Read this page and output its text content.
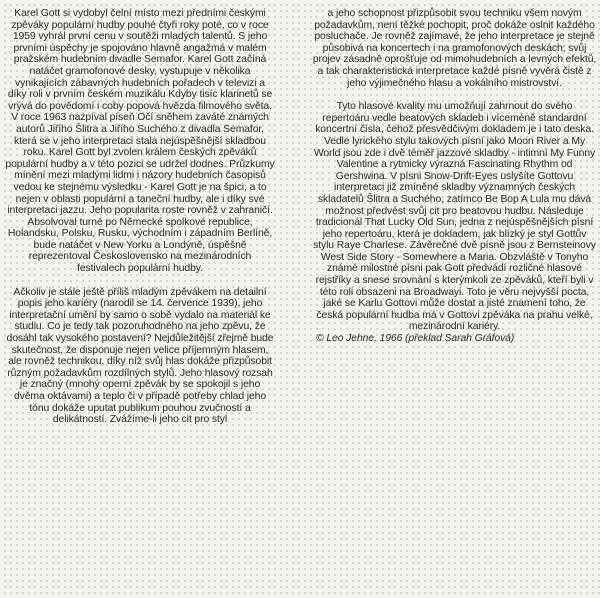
Karel Gott si vydobyl čelní místo mezi předními českými zpěváky populární hudby pouhé čtyři roky poté, co v roce 1959 vyhrál první cenu v soutěži mladých talentů. S jeho prvními úspěchy je spojováno hlavně angažmá v malém pražském hudebním divadle Semafor. Karel Gott začíná natáčet gramofonové desky, vystupuje v několika vynikajících zábavných hudebních pořadech v televizi a díky roli v prvním českém muzikálu Kdyby tisíc klarinetů se vrývá do povědomí i coby popová hvězda filmového světa. V roce 1963 nazpíval píseň Očí sněhem zaváté známých autorů Jiřího Šlitra a Jiřího Suchého z divadla Semafor, která se v jeho interpretaci stala nejúspěšnější skladbou roku. Karel Gott byl zvolen králem českých zpěváků populární hudby a v této pozici se udržel dodnes. Průzkumy mínění mezi mladými lidmi i názory hudebních časopisů vedou ke stejnému výsledku - Karel Gott je na špici, a to nejen v oblasti populární a taneční hudby, ale i díky své interpretaci jazzu. Jeho popularita roste rovněž v zahraničí. Absolvoval turné po Německé spolkové republice, Holandsku, Polsku, Rusku, východním i západním Berlíně, bude natáčet v New Yorku a Londýně, úspěšně reprezentoval Československo na mezinárodních festivalech populární hudby.

Ačkoliv je stále ještě příliš mladým zpěvákem na detailní popis jeho kariéry (narodil se 14. července 1939), jeho interpretační umění by samo o sobě vydalo na materiál ke studiu. Co je tedy tak pozoruhodného na jeho zpěvu, že dosáhl tak vysokého postavení? Nejdůležitější zřejmě bude skutečnost, že disponuje nejen velice příjemným hlasem, ale rovněž technikou, díky níž svůj hlas dokáže přizpůsobit různým požadavkům rozdílných stylů. Jeho hlasový rozsah je značný (mnohý operní zpěvák by se spokojil s jeho dvěma oktávami) a teplo či v případě potřeby chlad jeho tónu dokáže uputat publikum pouhou zvučností a delikátností. Zvážíme-li jeho cit pro styl

a jeho schopnost přizpůsobit svou techniku všem novým požadavkům, není těžké pochopit, proč dokáže oslnit každého posluchače. Je rovněž zajímavé, že jeho interpretace je stejně působivá na koncertech i na gramofonových deskách; svůj projev zásadně oprošťuje od mimohudebních a levných efektů, a tak charakteristická interpretace každé písně vyvěrá čistě z jeho výjimečného hlasu a vokálního mistrovství.

Tyto hlasové kvality mu umožňují zahrnout do svého repertoáru vedle beatových skladeb i víceméně standardní koncertní čísla, čehož přesvědčivým dokladem je i tato deska. Vedle lyrického stylu takových písní jako Moon River a My World jsou zde i dvě téměř jazzové skladby - intimní My Funny Valentine a rytmicky výrazná Fascinating Rhythm od Gershwina. V písni Snow-Drift-Eyes uslyšíte Gottovu interpretaci již zmíněné skladby významných českých skladatelů Šlitra a Suchého, zatímco Be Bop A Lula mu dává možnost předvést svůj cit pro beatovou hudbu. Následuje tradicionál That Lucky Old Sun, jedna z nejúspěšnějších písní jeho repertoáru, která je dokladem, jak blízký je styl Gottův stylu Raye Charlese. Závěrečné dvě písně jsou z Bernsteinovy West Side Story - Somewhere a Maria. Obzvláště v Tonyho známé milostné písni pak Gott předvádí rozličné hlasové rejstříky a snese srovnání s kterýmkoli ze zpěváků, kteří byli v této roli obsazeni na Broadwayi. Toto je věru nejvyšší pocta, jaké se Karlu Gottovi může dostat a jisté znamení toho, že česká populární hudba má v Gottovi zpěváka na prahu velké, mezinárodní kariéry.

© Leo Jehne, 1966 (překlad Sarah Gráfová)
